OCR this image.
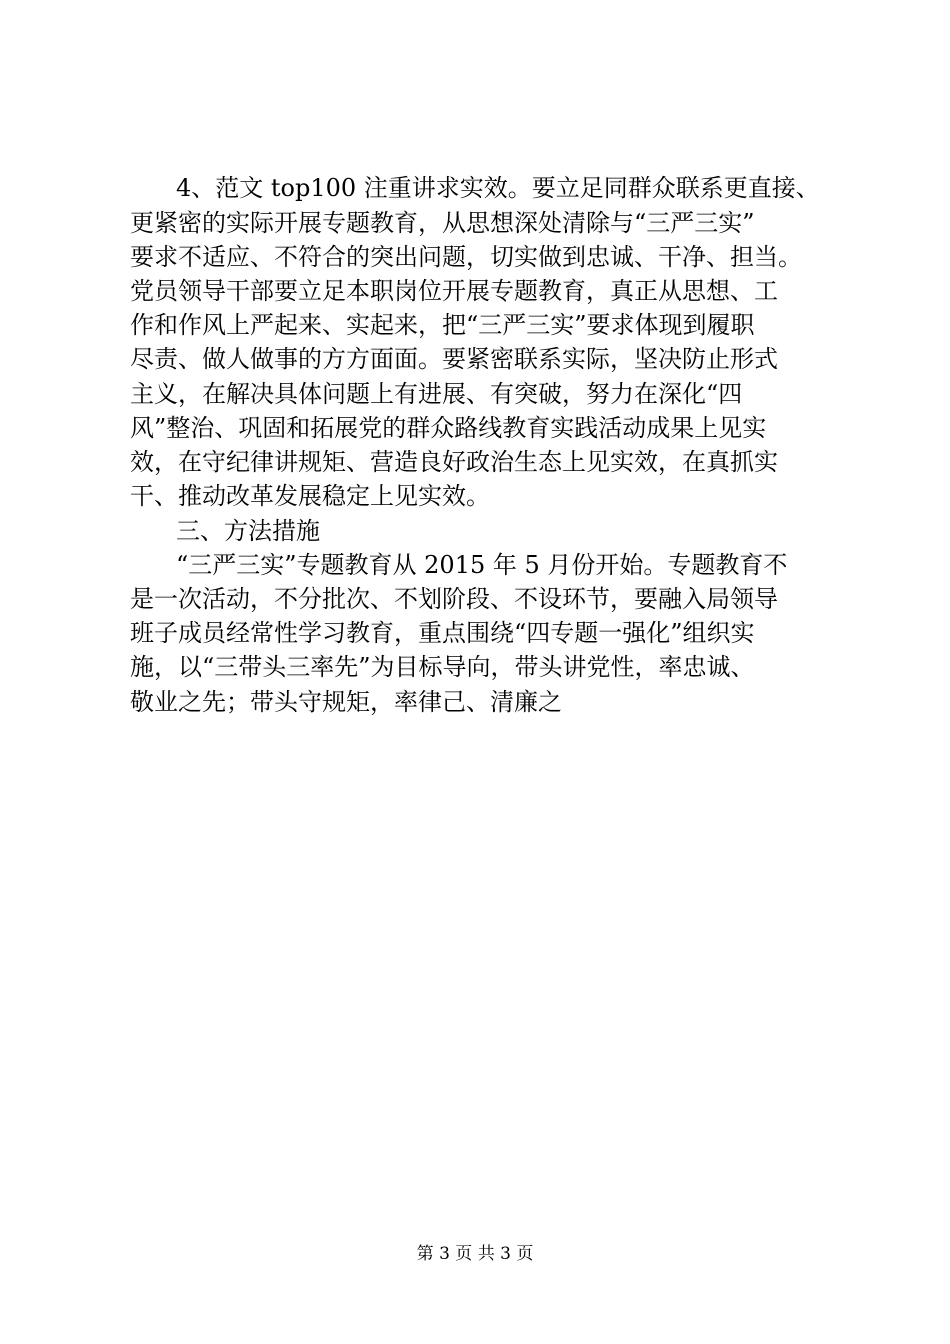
4、范文 top100 注重讲求实效。要立足同群众联系更直接、
更紧密的实际开展专题教育，从思想深处清除与“三严三实”
要求不适应、不符合的突出问题，切实做到忠诚、干净、担当。
党员领导干部要立足本职岗位开展专题教育，真正从思想、工
作和作风上严起来、实起来，把“三严三实”要求体现到履职
尽责、做人做事的方方面面。要紧密联系实际，坚决防止形式
主义，在解决具体问题上有进展、有突破，努力在深化“四
风”整治、巩固和拓展党的群众路线教育实践活动成果上见实
效，在守纪律讲规矩、营造良好政治生态上见实效，在真抓实
干、推动改革发展稳定上见实效。
三、方法措施
“三严三实”专题教育从 2015 年 5 月份开始。专题教育不
是一次活动，不分批次、不划阶段、不设环节，要融入局领导
班子成员经常性学习教育，重点围绕“四专题一强化”组织实
施，以“三带头三率先”为目标导向，带头讲党性，率忠诚、
敬业之先；带头守规矩，率律己、清廉之
第 3 页 共 3 页
